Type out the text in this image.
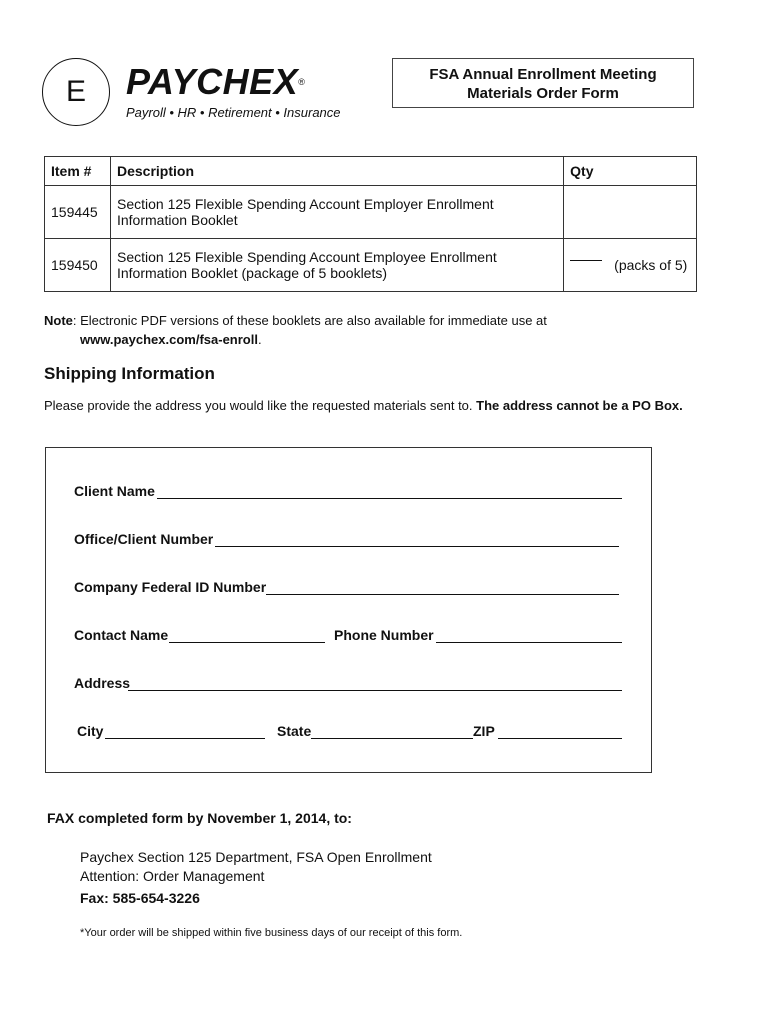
E PAYCHEX®
Payroll • HR • Retirement • Insurance
FSA Annual Enrollment Meeting
Materials Order Form
Item #	Description	Qty
159445	Section 125 Flexible Spending Account Employer Enrollment
Information Booklet	

159450	Section 125 Flexible Spending Account Employee Enrollment
Information Booklet (package of 5 booklets)	(packs of 5)
Note: Electronic PDF versions of these booklets are also available for immediate use at
www.paychex.com/fsa-enroll.
Shipping Information
Please provide the address you would like the requested materials sent to. The address cannot be a PO Box.
Client Name
Office/Client Number
Company Federal ID Number
Contact Name	Phone Number
Address
City	State	ZIP
FAX completed form by November 1, 2014, to:
Paychex Section 125 Department, FSA Open Enrollment
Attention: Order Management
Fax: 585-654-3226
*Your order will be shipped within five business days of our receipt of this form.
